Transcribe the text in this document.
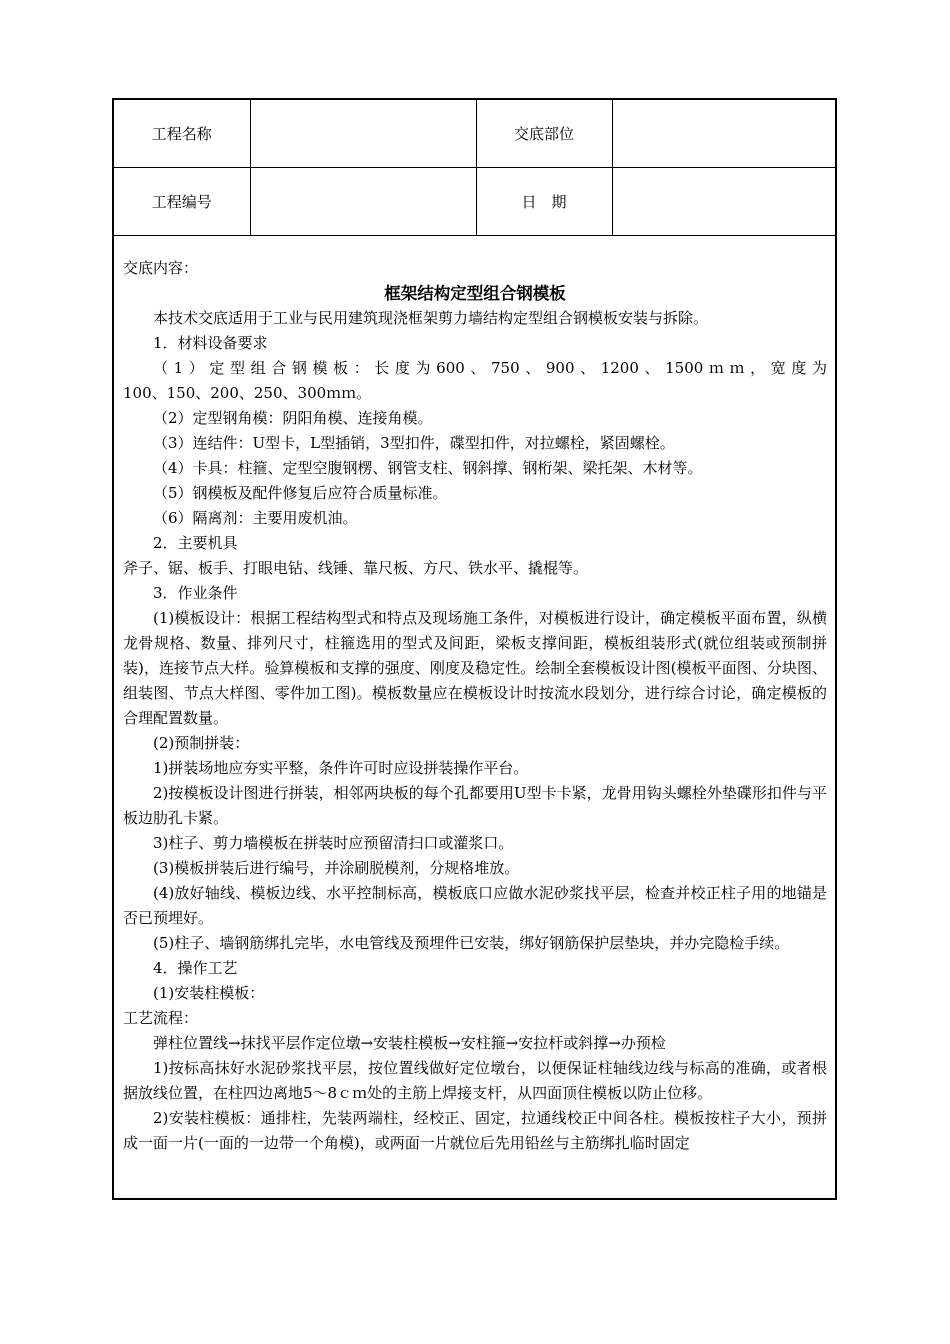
工程名称		交底部位	
工程编号		日　期	

交底内容：

框架结构定型组合钢模板

本技术交底适用于工业与民用建筑现浇框架剪力墙结构定型组合钢模板安装与拆除。

1．材料设备要求

（1）定型组合钢模板：长度为600、750、900、1200、1500ｍｍ，宽度为

100、150、200、250、300ｍｍ。

（2）定型钢角模：阴阳角模、连接角模。

（3）连结件：U型卡，L型插销，3型扣件，碟型扣件，对拉螺栓，紧固螺栓。

（4）卡具：柱箍、定型空腹钢楞、钢管支柱、钢斜撑、钢桁架、梁托架、木材等。

（5）钢模板及配件修复后应符合质量标准。

（6）隔离剂：主要用废机油。

2．主要机具

斧子、锯、板手、打眼电钻、线锤、靠尺板、方尺、铁水平、撬棍等。

3．作业条件

(1)模板设计：根据工程结构型式和特点及现场施工条件，对模板进行设计，确定模板平面布置，纵横龙骨规格、数量、排列尺寸，柱箍选用的型式及间距，梁板支撑间距，模板组装形式(就位组装或预制拼装)，连接节点大样。验算模板和支撑的强度、刚度及稳定性。绘制全套模板设计图(模板平面图、分块图、组装图、节点大样图、零件加工图)。模板数量应在模板设计时按流水段划分，进行综合讨论，确定模板的合理配置数量。

(2)预制拼装：

1)拼装场地应夯实平整，条件许可时应设拼装操作平台。

2)按模板设计图进行拼装，相邻两块板的每个孔都要用U型卡卡紧，龙骨用钩头螺栓外垫碟形扣件与平板边肋孔卡紧。

3)柱子、剪力墙模板在拼装时应预留清扫口或灌浆口。

(3)模板拼装后进行编号，并涂刷脱模剂，分规格堆放。

(4)放好轴线、模板边线、水平控制标高，模板底口应做水泥砂浆找平层，检查并校正柱子用的地锚是否已预埋好。

(5)柱子、墙钢筋绑扎完毕，水电管线及预埋件已安装，绑好钢筋保护层垫块，并办完隐检手续。

4．操作工艺

(1)安装柱模板：

工艺流程：

弹柱位置线→抹找平层作定位墩→安装柱模板→安柱箍→安拉杆或斜撑→办预检

1)按标高抹好水泥砂浆找平层，按位置线做好定位墩台，以便保证柱轴线边线与标高的准确，或者根据放线位置，在柱四边离地5～8ｃｍ处的主筋上焊接支杆，从四面顶住模板以防止位移。

2)安装柱模板：通排柱，先装两端柱，经校正、固定，拉通线校正中间各柱。模板按柱子大小，预拼成一面一片(一面的一边带一个角模)，或两面一片就位后先用铅丝与主筋绑扎临时固定
